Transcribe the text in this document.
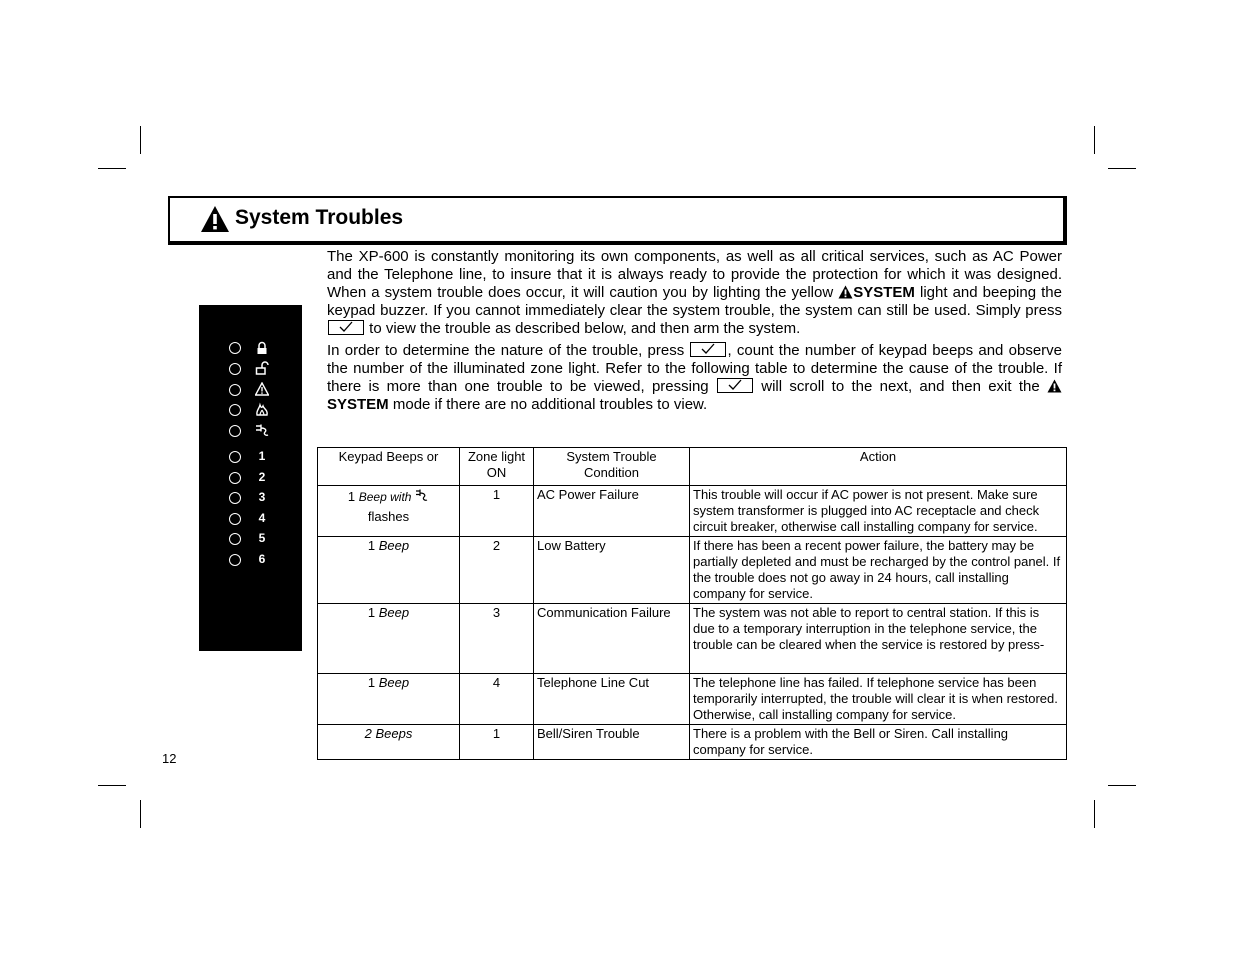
System Troubles

The XP-600 is constantly monitoring its own components, as well as all critical services, such as AC Power and the Telephone line, to insure that it is always ready to provide the protection for which it was designed. When a system trouble does occur, it will caution you by lighting the yellow SYSTEM light and beeping the keypad buzzer. If you cannot immediately clear the system trouble, the system can still be used. Simply press
to view the trouble as described below, and then arm the system.

In order to determine the nature of the trouble, press	, count the number of keypad beeps and observe the number of the illuminated zone light. Refer to the following table to determine the cause of the trouble. If there is more than one trouble to be viewed, pressing	will scroll to the next, and then exit the  SYSTEM mode if there are no additional troubles to view.

1
2
3
4
5
6
Keypad Beeps or	Zone light ON	System Trouble Condition	Action
1 Beep with
flashes	1	AC Power Failure	This trouble will occur if AC power is not present. Make sure system transformer is plugged into AC receptacle and check circuit breaker, otherwise call installing company for service.
1 Beep	2	Low Battery	If there has been a recent power failure, the battery may be partially depleted and must be recharged by the control panel. If the trouble does not go away in 24 hours, call installing company for service.
1 Beep	3	Communication Failure	The system was not able to report to central station. If this is due to a temporary interruption in the telephone service, the trouble can be cleared when the service is restored by press-
1 Beep	4	Telephone Line Cut	The telephone line has failed. If telephone service has been temporarily interrupted, the trouble will clear it is when restored. Otherwise, call installing company for service.
2 Beeps	1	Bell/Siren Trouble	There is a problem with the Bell or Siren. Call installing company for service.
12
